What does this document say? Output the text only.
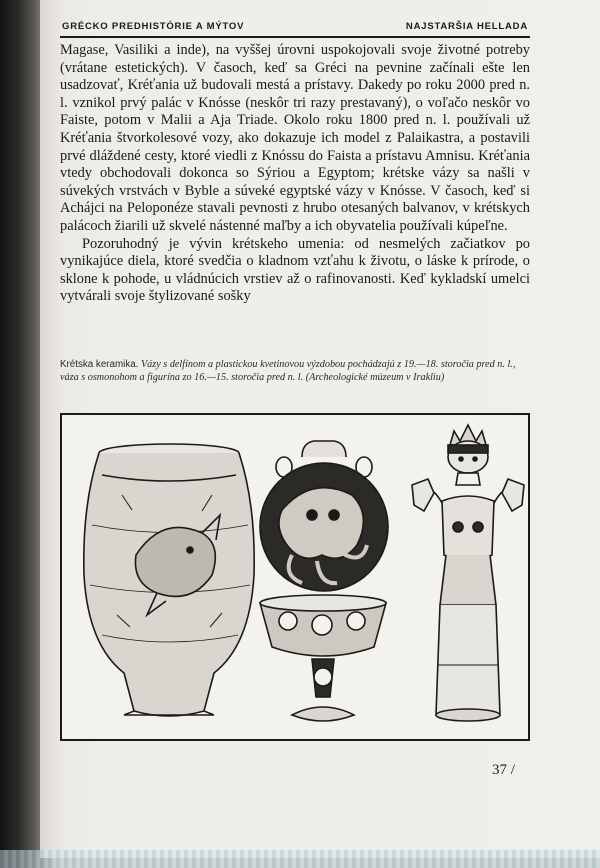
GRÉCKO PREDHISTÓRIE A MÝTOV	NAJSTARŠIA HELLADA

Magase, Vasiliki a inde), na vyššej úrovni uspokojovali svoje životné potreby (vrátane estetických). V časoch, keď sa Gréci na pevnine začínali ešte len usadzovať, Kréťania už budovali mestá a prístavy. Dakedy po roku 2000 pred n. l. vznikol prvý palác v Knósse (neskôr tri razy prestavaný), o voľačo neskôr vo Faiste, potom v Malii a Aja Triade. Okolo roku 1800 pred n. l. používali už Kréťania štvorkolesové vozy, ako dokazuje ich model z Palaikastra, a postavili prvé dláždené cesty, ktoré viedli z Knóssu do Faista a prístavu Amnisu. Kréťania vtedy obchodovali dokonca so Sýriou a Egyptom; krétske vázy sa našli v súvekých vrstvách v Byble a súveké egyptské vázy v Knósse. V časoch, keď si Achájci na Peloponéze stavali pevnosti z hrubo otesaných balvanov, v krétskych palácoch žiarili už skvelé nástenné maľby a ich obyvatelia používali kúpeľne.

Pozoruhodný je vývin krétskeho umenia: od nesmelých začiatkov po vynikajúce diela, ktoré svedčia o kladnom vzťahu k životu, o láske k prírode, o sklone k pohode, u vládnúcich vrstiev až o rafinovanosti. Keď kykladskí umelci vytvárali svoje štylizované sošky

Krétska keramika. Vázy s delfínom a plastickou kvetinovou výzdobou pochádzajú z 19.—18. storočia pred n. l., váza s osmonohom a figurína zo 16.—15. storočia pred n. l. (Archeologické múzeum v Irakliu)
37 /
